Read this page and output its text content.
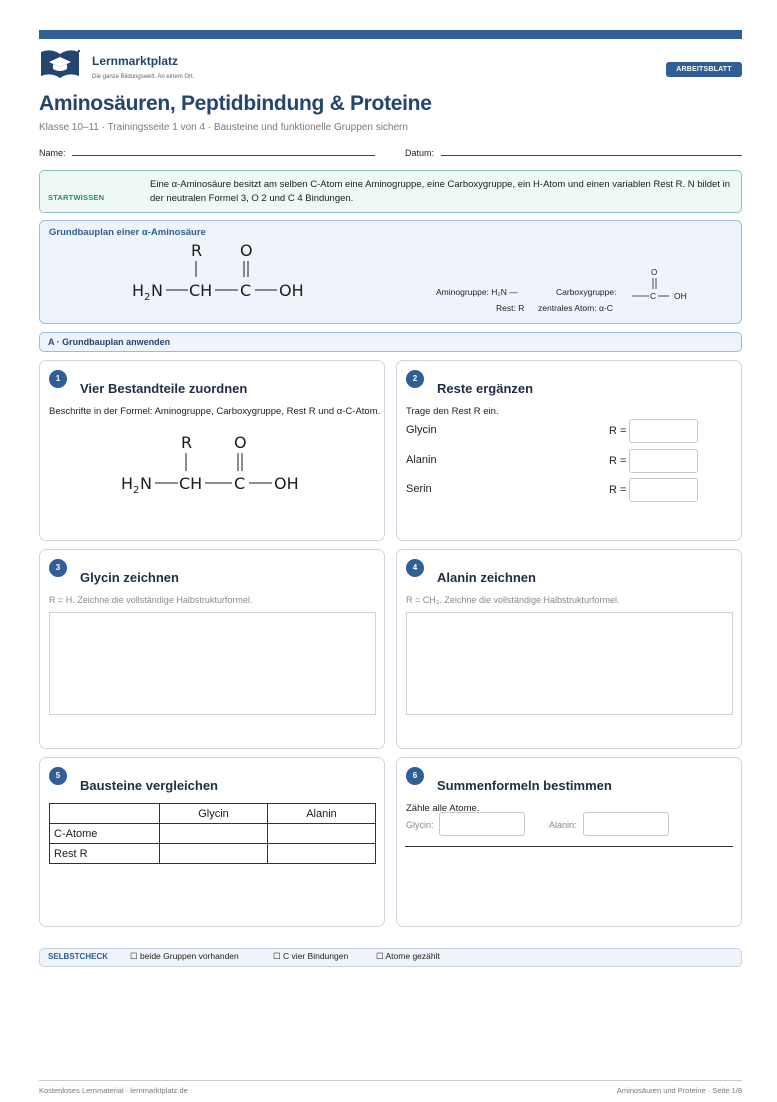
Lernmarktplatz
Die ganze Bildungswelt. An einem Ort.
ARBEITSBLATT
Aminosäuren, Peptidbindung & Proteine
Klasse 10–11 · Trainingsseite 1 von 4 · Bausteine und funktionelle Gruppen sichern
Name:	Datum:
STARTWISSEN
Eine α-Aminosäure besitzt am selben C-Atom eine Aminogruppe, eine Carboxygruppe, ein H-Atom und einen variablen Rest R. N bildet in der neutralen Formel 3, O 2 und C 4 Bindungen.
Grundbauplan einer α-Aminosäure
R O
H 2 N CH C OH	Aminogruppe: H₂N —	Carboxygruppe:
O
C OH
Rest: R zentrales Atom: α-C
A · Grundbauplan anwenden
1
Vier Bestandteile zuordnen
Beschrifte in der Formel: Aminogruppe, Carboxygruppe, Rest R und α-C-Atom.
R	O
H 2 N CH C OH
2
Reste ergänzen
Trage den Rest R ein.
Glycin	R =
Alanin	R =
Serin	R =
3
Glycin zeichnen
R = H. Zeichne die vollständige Halbstrukturformel.
4
Alanin zeichnen
R = CH₃. Zeichne die vollständige Halbstrukturformel.
5
Bausteine vergleichen
	Glycin	Alanin
C-Atome		
Rest R		
6
Summenformeln bestimmen
Zähle alle Atome.
Glycin:	Alanin:
SELBSTCHECK	☐ beide Gruppen vorhanden	☐ C vier Bindungen	☐ Atome gezählt
Kostenloses Lernmaterial · lernmarktplatz.de	Aminosäuren und Proteine · Seite 1/8
